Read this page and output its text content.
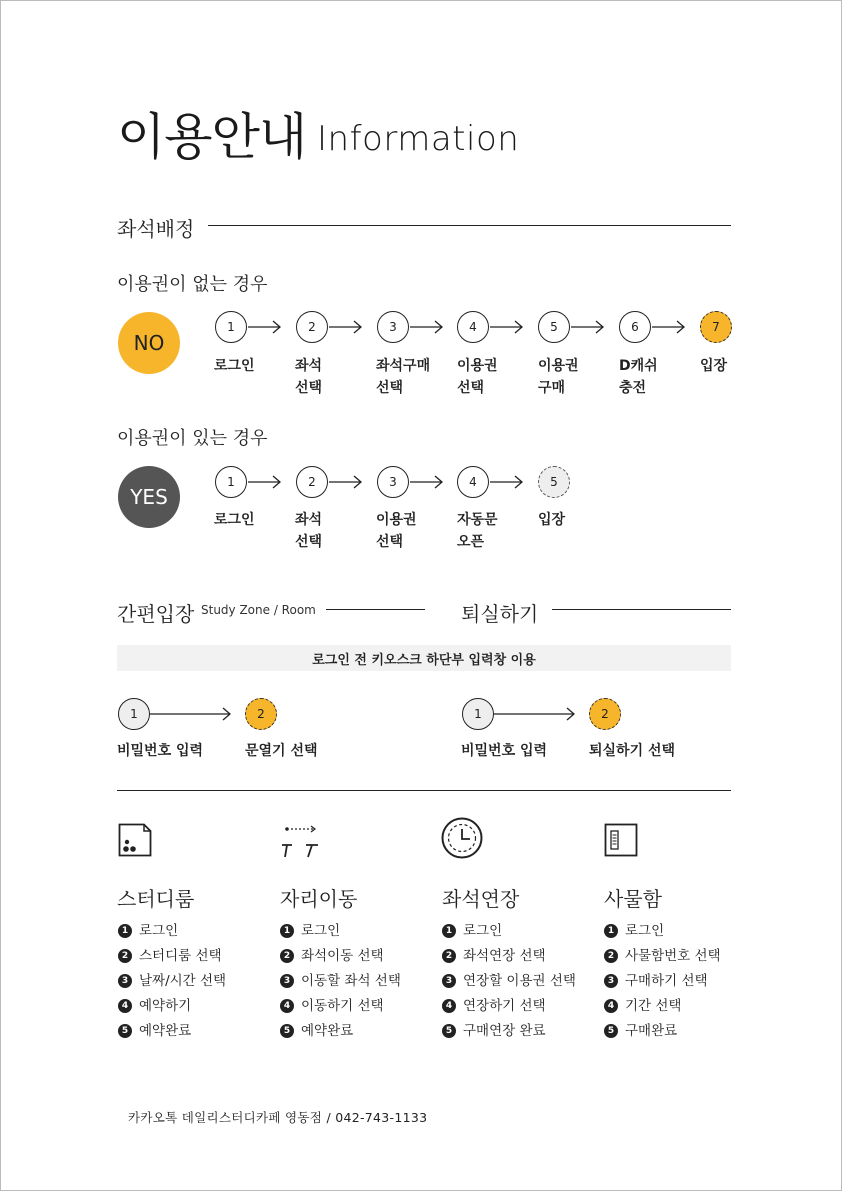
이용안내 Information
좌석배정
이용권이 없는 경우
NO
이용권이 있는 경우
YES
1	2	3	4	5	6	7
로그인	좌석
선택
좌석구매
선택
이용권
선택
이용권
구매
D캐쉬
충전
입장
1	2	3	4	5
로그인	좌석
선택
이용권
선택
자동문
오픈
입장
간편입장 Study Zone / Room	퇴실하기
로그인 전 키오스크 하단부 입력창 이용
1	2
비밀번호 입력	문열기 선택
1	2
비밀번호 입력	퇴실하기 선택
스터디룸	자리이동	좌석연장	사물함
1 로그인
2 스터디룸 선택
3 날짜/시간 선택
4 예약하기
5 예약완료
1 로그인
2 좌석이동 선택
3 이동할 좌석 선택
4 이동하기 선택
5 예약완료
1 로그인
2 좌석연장 선택
3 연장할 이용권 선택
4 연장하기 선택
5 구매연장 완료
1 로그인
2 사물함번호 선택
3 구매하기 선택
4 기간 선택
5 구매완료
카카오톡 데일리스터디카페 영동점 / 042-743-1133
